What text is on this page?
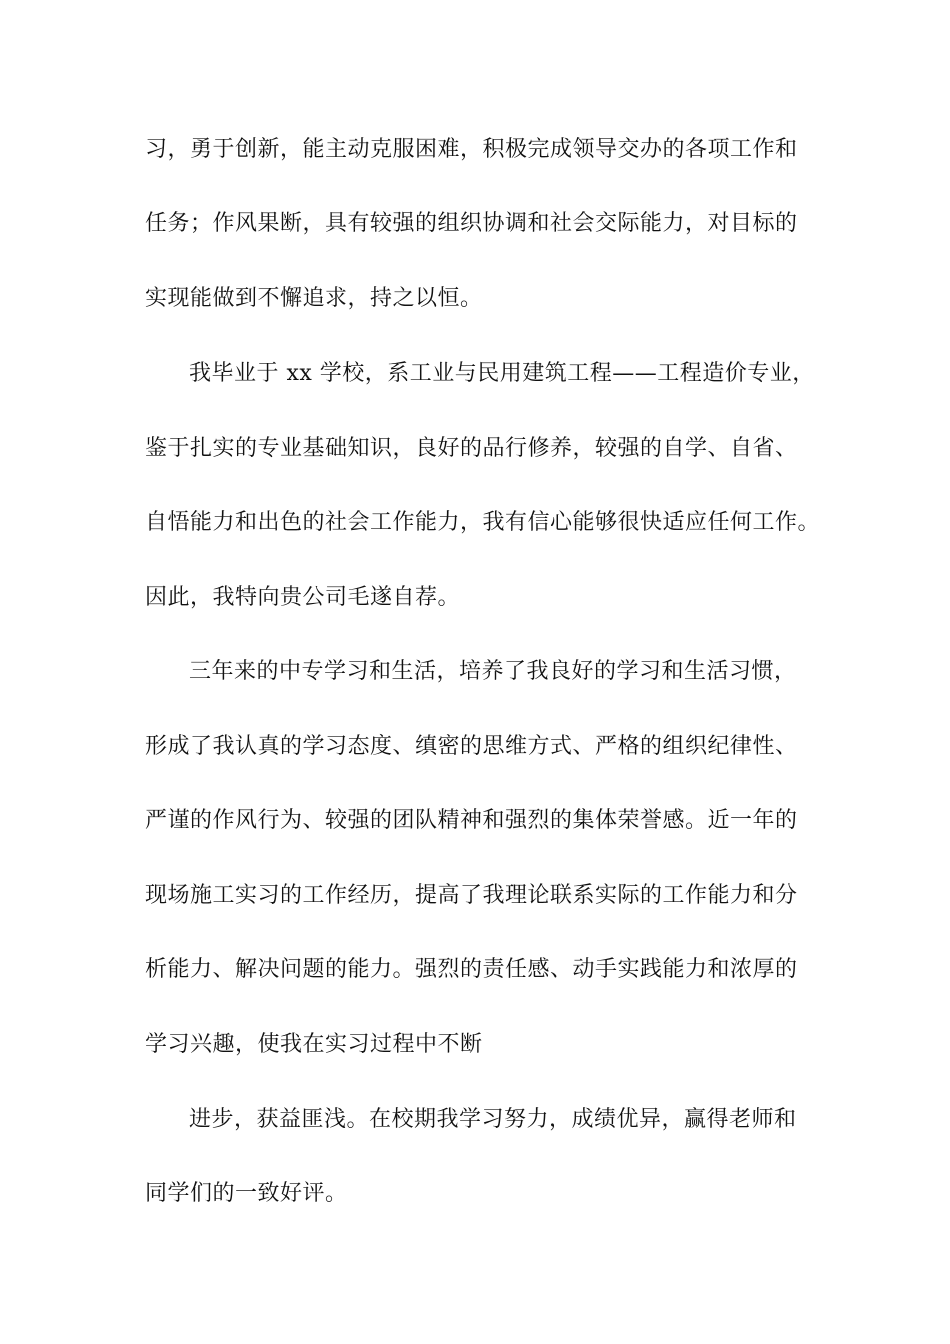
习，勇于创新，能主动克服困难，积极完成领导交办的各项工作和
任务；作风果断，具有较强的组织协调和社会交际能力，对目标的
实现能做到不懈追求，持之以恒。
我毕业于 xx 学校，系工业与民用建筑工程——工程造价专业，
鉴于扎实的专业基础知识，良好的品行修养，较强的自学、自省、
自悟能力和出色的社会工作能力，我有信心能够很快适应任何工作。
因此，我特向贵公司毛遂自荐。
三年来的中专学习和生活，培养了我良好的学习和生活习惯，
形成了我认真的学习态度、缜密的思维方式、严格的组织纪律性、
严谨的作风行为、较强的团队精神和强烈的集体荣誉感。近一年的
现场施工实习的工作经历，提高了我理论联系实际的工作能力和分
析能力、解决问题的能力。强烈的责任感、动手实践能力和浓厚的
学习兴趣，使我在实习过程中不断
进步，获益匪浅。在校期我学习努力，成绩优异，赢得老师和
同学们的一致好评。
